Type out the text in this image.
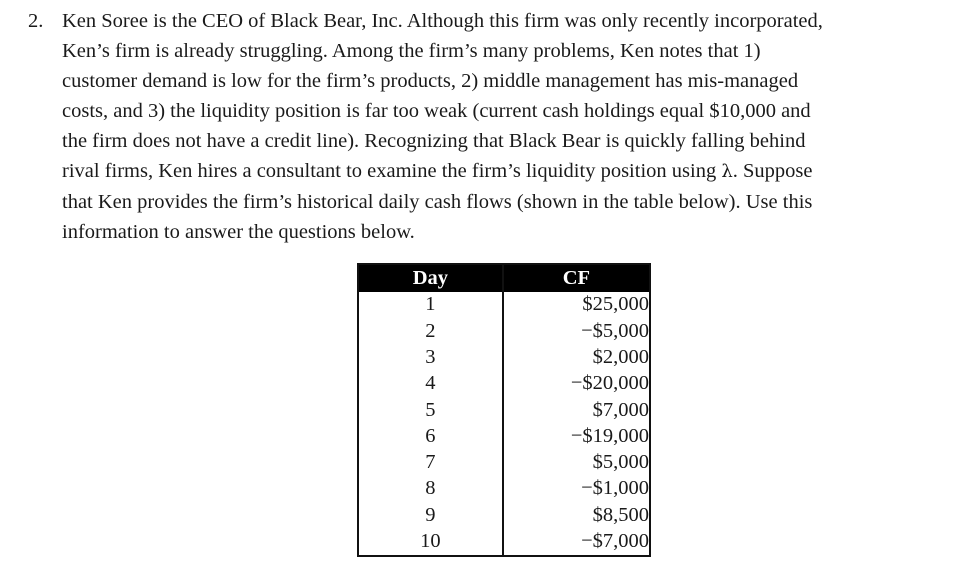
2. Ken Soree is the CEO of Black Bear, Inc. Although this firm was only recently incorporated,
Ken’s firm is already struggling. Among the firm’s many problems, Ken notes that 1)
customer demand is low for the firm’s products, 2) middle management has mis-managed
costs, and 3) the liquidity position is far too weak (current cash holdings equal $10,000 and
the firm does not have a credit line). Recognizing that Black Bear is quickly falling behind
rival firms, Ken hires a consultant to examine the firm’s liquidity position using λ. Suppose
that Ken provides the firm’s historical daily cash flows (shown in the table below). Use this
information to answer the questions below.
Day	CF
1	$25,000
2	−$5,000
3	$2,000
4	−$20,000
5	$7,000
6	−$19,000
7	$5,000
8	−$1,000
9	$8,500
10	−$7,000
